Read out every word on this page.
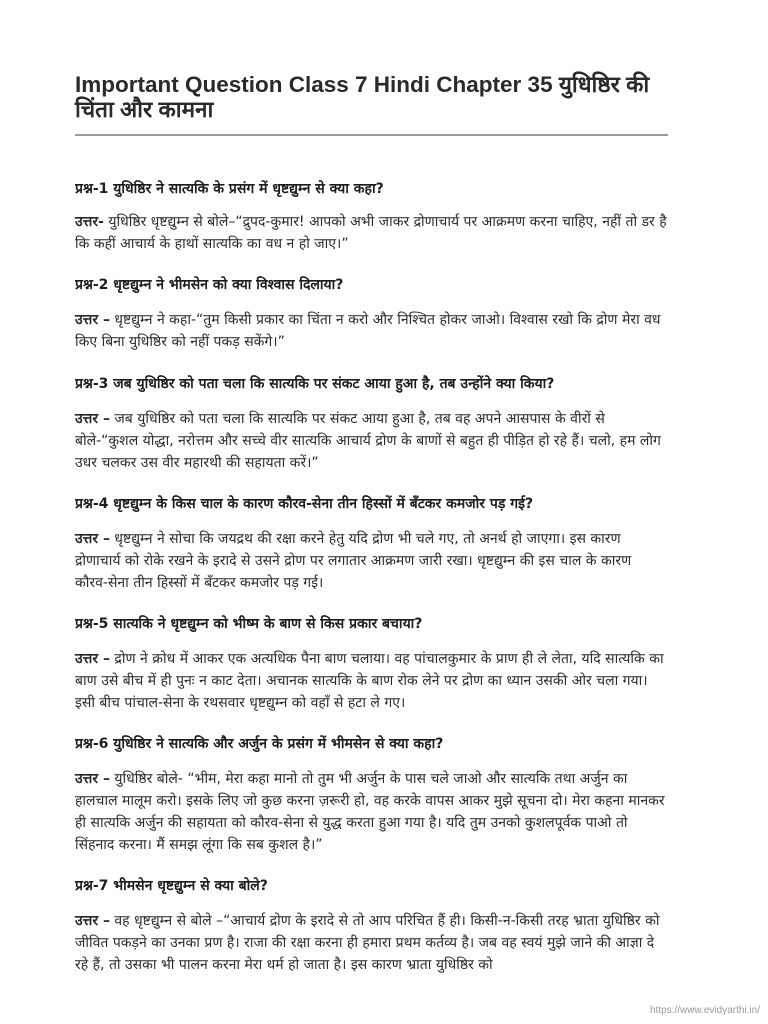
Important Question Class 7 Hindi Chapter 35 युधिष्ठिर की चिंता और कामना

प्रश्न-1 युधिष्ठिर ने सात्यकि के प्रसंग में धृष्टद्युम्न से क्या कहा?

उत्तर- युधिष्ठिर धृष्टद्युम्न से बोले–“द्रुपद-कुमार! आपको अभी जाकर द्रोणाचार्य पर आक्रमण करना चाहिए, नहीं तो डर है कि कहीं आचार्य के हाथों सात्यकि का वध न हो जाए।”

प्रश्न-2 धृष्टद्युम्न ने भीमसेन को क्या विश्वास दिलाया?

उत्तर – धृष्टद्युम्न ने कहा-“तुम किसी प्रकार का चिंता न करो और निश्चित होकर जाओ। विश्वास रखो कि द्रोण मेरा वध किए बिना युधिष्ठिर को नहीं पकड़ सकेंगे।”

प्रश्न-3 जब युधिष्ठिर को पता चला कि सात्यकि पर संकट आया हुआ है, तब उन्होंने क्या किया?

उत्तर – जब युधिष्ठिर को पता चला कि सात्यकि पर संकट आया हुआ है, तब वह अपने आसपास के वीरों से बोले-“कुशल योद्धा, नरोत्तम और सच्चे वीर सात्यकि आचार्य द्रोण के बाणों से बहुत ही पीड़ित हो रहे हैं। चलो, हम लोग उधर चलकर उस वीर महारथी की सहायता करें।”

प्रश्न-4 धृष्टद्युम्न के किस चाल के कारण कौरव-सेना तीन हिस्सों में बँटकर कमजोर पड़ गई?

उत्तर – धृष्टद्युम्न ने सोचा कि जयद्रथ की रक्षा करने हेतु यदि द्रोण भी चले गए, तो अनर्थ हो जाएगा। इस कारण द्रोणाचार्य को रोके रखने के इरादे से उसने द्रोण पर लगातार आक्रमण जारी रखा। धृष्टद्युम्न की इस चाल के कारण कौरव-सेना तीन हिस्सों में बँटकर कमजोर पड़ गई।

प्रश्न-5 सात्यकि ने धृष्टद्युम्न को भीष्म के बाण से किस प्रकार बचाया?

उत्तर – द्रोण ने क्रोध में आकर एक अत्यधिक पैना बाण चलाया। वह पांचालकुमार के प्राण ही ले लेता, यदि सात्यकि का बाण उसे बीच में ही पुनः न काट देता। अचानक सात्यकि के बाण रोक लेने पर द्रोण का ध्यान उसकी ओर चला गया। इसी बीच पांचाल-सेना के रथसवार धृष्टद्युम्न को वहाँ से हटा ले गए।

प्रश्न-6 युधिष्ठिर ने सात्यकि और अर्जुन के प्रसंग में भीमसेन से क्या कहा?

उत्तर – युधिष्ठिर बोले- “भीम, मेरा कहा मानो तो तुम भी अर्जुन के पास चले जाओ और सात्यकि तथा अर्जुन का हालचाल मालूम करो। इसके लिए जो कुछ करना ज़रूरी हो, वह करके वापस आकर मुझे सूचना दो। मेरा कहना मानकर ही सात्यकि अर्जुन की सहायता को कौरव-सेना से युद्ध करता हुआ गया है। यदि तुम उनको कुशलपूर्वक पाओ तो सिंहनाद करना। मैं समझ लूंगा कि सब कुशल है।”

प्रश्न-7 भीमसेन धृष्टद्युम्न से क्या बोले?

उत्तर – वह धृष्टद्युम्न से बोले –“आचार्य द्रोण के इरादे से तो आप परिचित हैं ही। किसी-न-किसी तरह भ्राता युधिष्ठिर को जीवित पकड़ने का उनका प्रण है। राजा की रक्षा करना ही हमारा प्रथम कर्तव्य है। जब वह स्वयं मुझे जाने की आज्ञा दे रहे हैं, तो उसका भी पालन करना मेरा धर्म हो जाता है। इस कारण भ्राता युधिष्ठिर को

https://www.evidyarthi.in/
